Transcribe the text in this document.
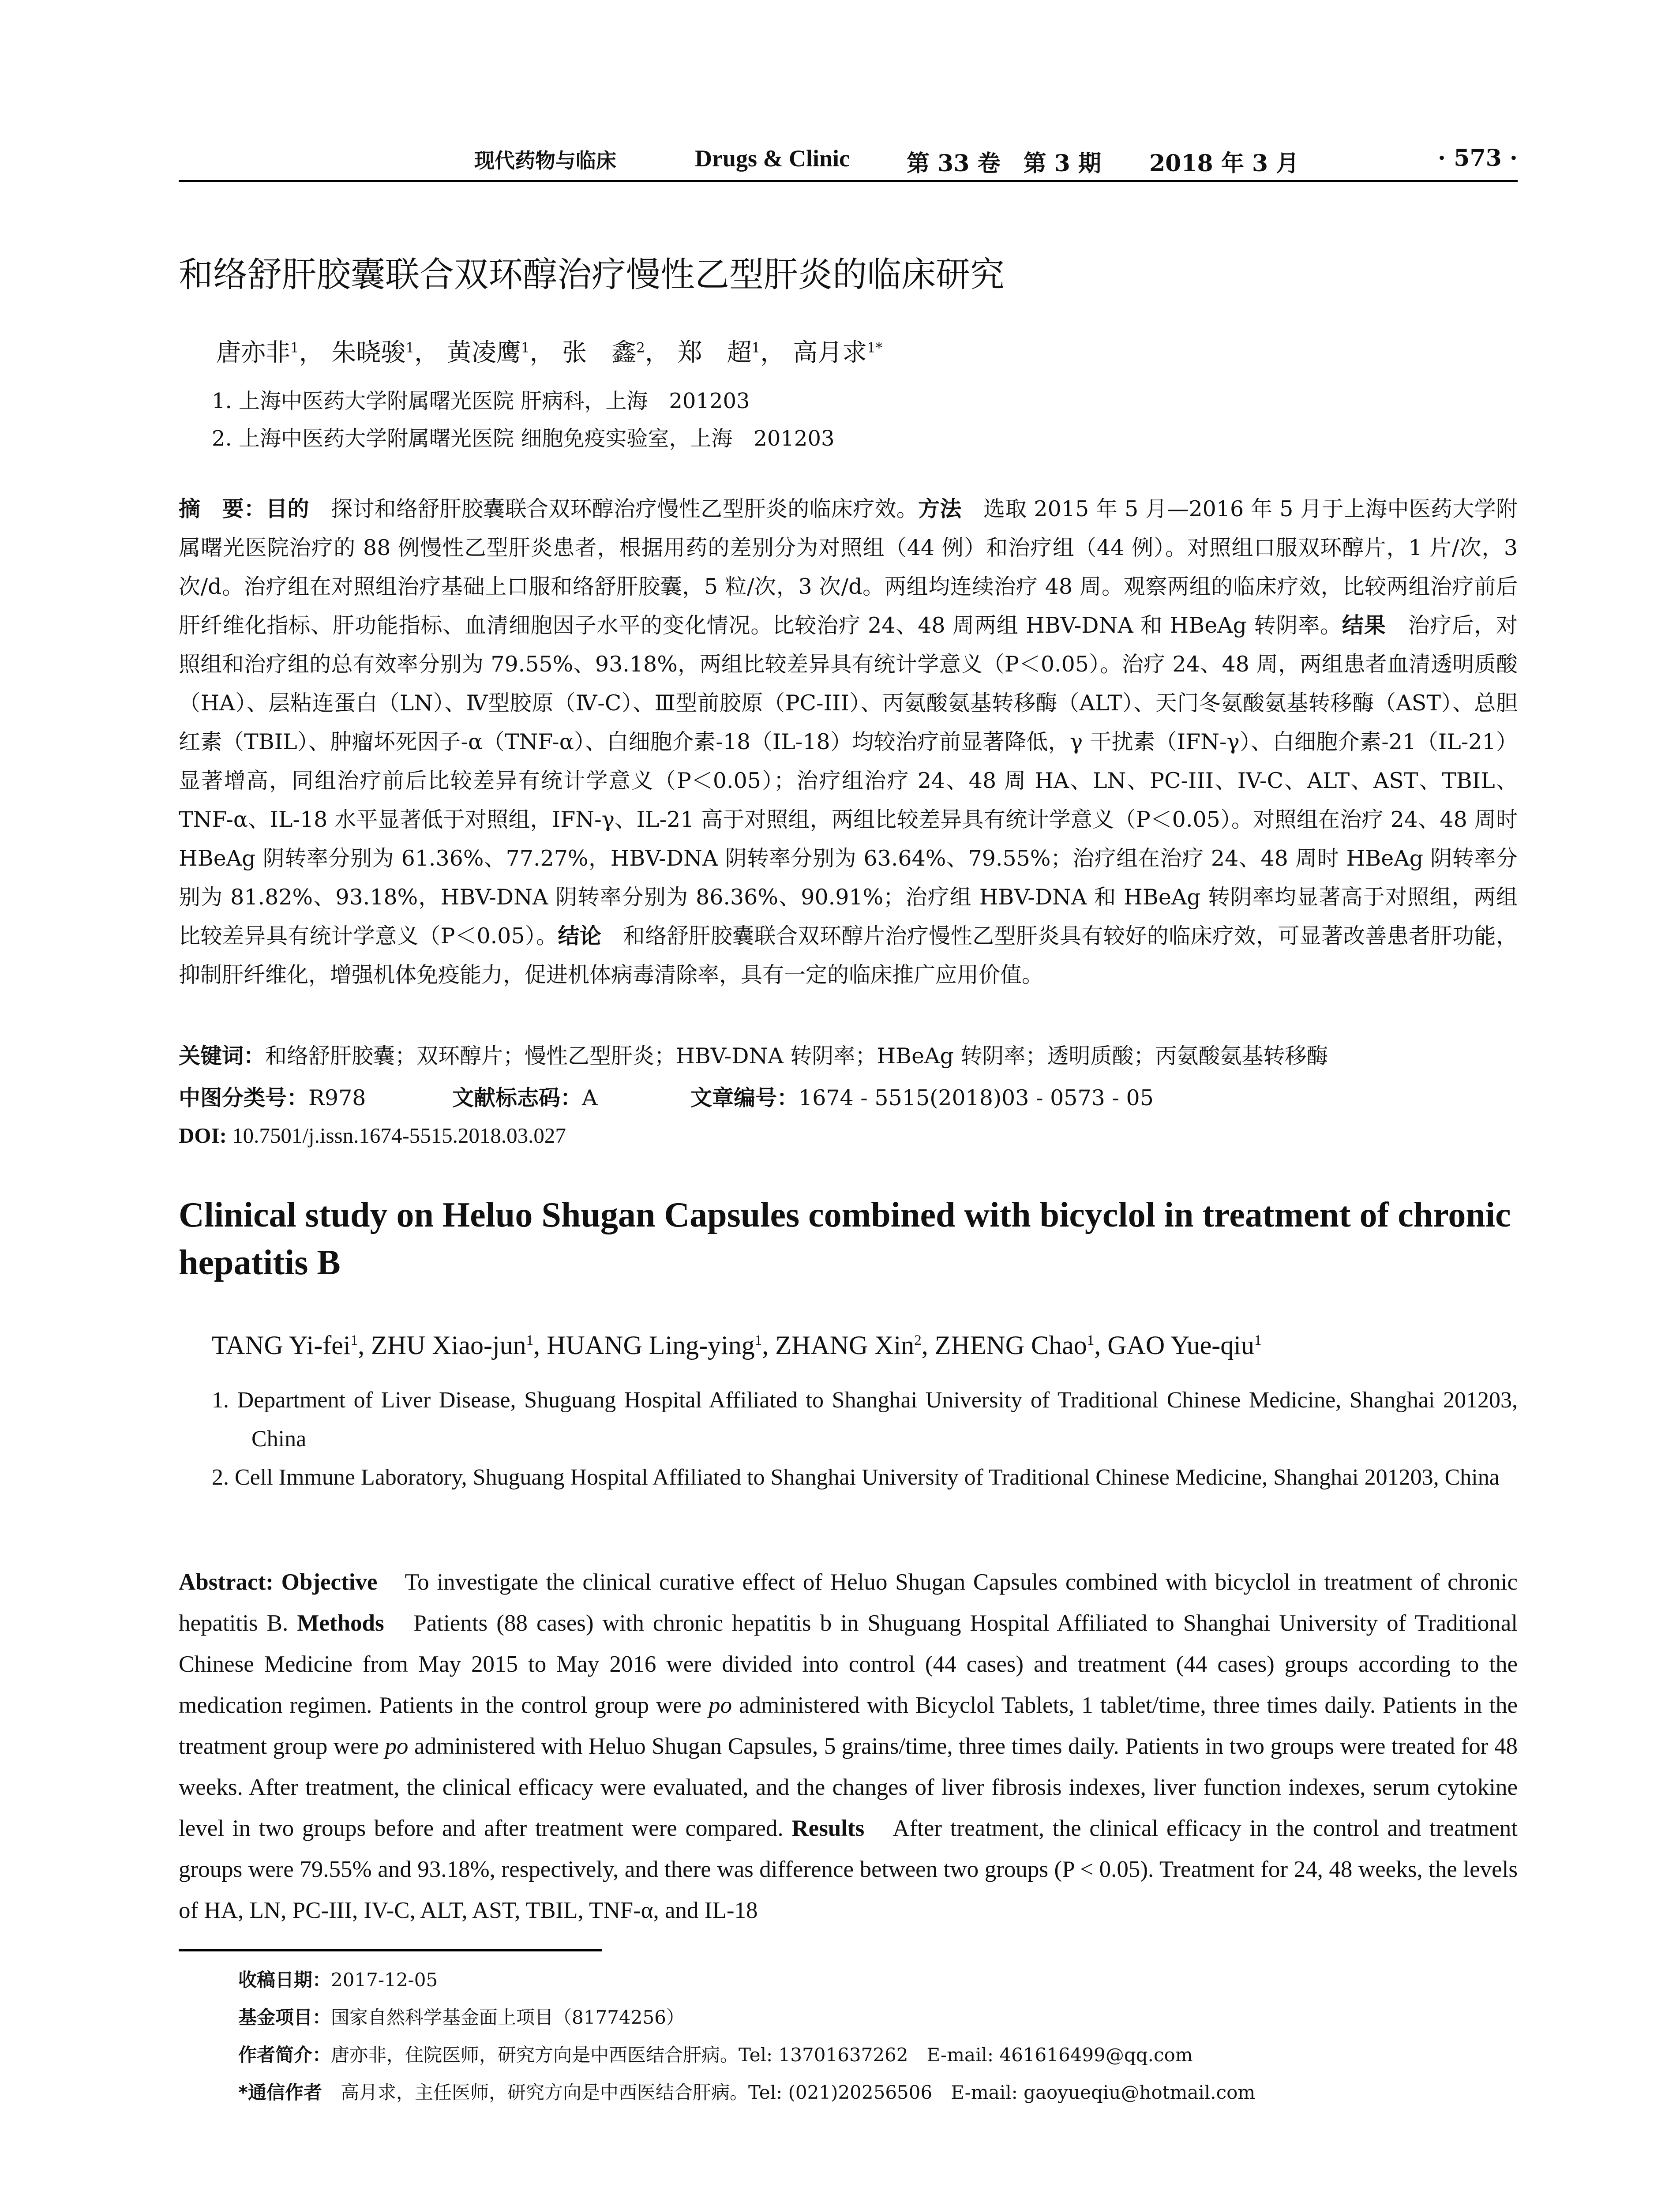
现代药物与临床	Drugs & Clinic 第 33 卷　第 3 期 2018 年 3 月	· 573 ·
和络舒肝胶囊联合双环醇治疗慢性乙型肝炎的临床研究
唐亦非$^1$， 朱晓骏$^1$， 黄凌鹰$^1$， 张　鑫$^2$， 郑　超$^1$， 高月求$^{1*}$
1. 上海中医药大学附属曙光医院 肝病科，上海　201203
2. 上海中医药大学附属曙光医院 细胞免疫实验室，上海　201203

摘　要：目的　探讨和络舒肝胶囊联合双环醇治疗慢性乙型肝炎的临床疗效。方法　选取 2015 年 5 月—2016 年 5 月于上海中医药大学附属曙光医院治疗的 88 例慢性乙型肝炎患者，根据用药的差别分为对照组（44 例）和治疗组（44 例）。对照组口服双环醇片，1 片/次，3 次/d。治疗组在对照组治疗基础上口服和络舒肝胶囊，5 粒/次，3 次/d。两组均连续治疗 48 周。观察两组的临床疗效，比较两组治疗前后肝纤维化指标、肝功能指标、血清细胞因子水平的变化情况。比较治疗 24、48 周两组 HBV-DNA 和 HBeAg 转阴率。结果　治疗后，对照组和治疗组的总有效率分别为 79.55%、93.18%，两组比较差异具有统计学意义（P＜0.05）。治疗 24、48 周，两组患者血清透明质酸（HA）、层粘连蛋白（LN）、Ⅳ型胶原（Ⅳ-C）、Ⅲ型前胶原（PC-III）、丙氨酸氨基转移酶（ALT）、天门冬氨酸氨基转移酶（AST）、总胆红素（TBIL）、肿瘤坏死因子-α（TNF-α）、白细胞介素-18（IL-18）均较治疗前显著降低，γ 干扰素（IFN-γ）、白细胞介素-21（IL-21）显著增高，同组治疗前后比较差异有统计学意义（P＜0.05）；治疗组治疗 24、48 周 HA、LN、PC-III、IV-C、ALT、AST、TBIL、TNF-α、IL-18 水平显著低于对照组，IFN-γ、IL-21 高于对照组，两组比较差异具有统计学意义（P＜0.05）。对照组在治疗 24、48 周时 HBeAg 阴转率分别为 61.36%、77.27%，HBV-DNA 阴转率分别为 63.64%、79.55%；治疗组在治疗 24、48 周时 HBeAg 阴转率分别为 81.82%、93.18%，HBV-DNA 阴转率分别为 86.36%、90.91%；治疗组 HBV-DNA 和 HBeAg 转阴率均显著高于对照组，两组比较差异具有统计学意义（P＜0.05）。结论　和络舒肝胶囊联合双环醇片治疗慢性乙型肝炎具有较好的临床疗效，可显著改善患者肝功能，抑制肝纤维化，增强机体免疫能力，促进机体病毒清除率，具有一定的临床推广应用价值。

关键词：和络舒肝胶囊；双环醇片；慢性乙型肝炎；HBV-DNA 转阴率；HBeAg 转阴率；透明质酸；丙氨酸氨基转移酶
中图分类号：R978	文献标志码：A	文章编号：1674 - 5515(2018)03 - 0573 - 05
DOI: 10.7501/j.issn.1674-5515.2018.03.027
Clinical study on Heluo Shugan Capsules combined with bicyclol in treatment of chronic hepatitis B
TANG Yi-fei$^1$, ZHU Xiao-jun$^1$, HUANG Ling-ying$^1$, ZHANG Xin$^2$, ZHENG Chao$^1$, GAO Yue-qiu$^1$
1. Department of Liver Disease, Shuguang Hospital Affiliated to Shanghai University of Traditional Chinese Medicine, Shanghai 201203, China
2. Cell Immune Laboratory, Shuguang Hospital Affiliated to Shanghai University of Traditional Chinese Medicine, Shanghai 201203, China

Abstract: Objective　To investigate the clinical curative effect of Heluo Shugan Capsules combined with bicyclol in treatment of chronic hepatitis B. Methods　Patients (88 cases) with chronic hepatitis b in Shuguang Hospital Affiliated to Shanghai University of Traditional Chinese Medicine from May 2015 to May 2016 were divided into control (44 cases) and treatment (44 cases) groups according to the medication regimen. Patients in the control group were po administered with Bicyclol Tablets, 1 tablet/time, three times daily. Patients in the treatment group were po administered with Heluo Shugan Capsules, 5 grains/time, three times daily. Patients in two groups were treated for 48 weeks. After treatment, the clinical efficacy were evaluated, and the changes of liver fibrosis indexes, liver function indexes, serum cytokine level in two groups before and after treatment were compared. Results　After treatment, the clinical efficacy in the control and treatment groups were 79.55% and 93.18%, respectively, and there was difference between two groups (P < 0.05). Treatment for 24, 48 weeks, the levels of HA, LN, PC-III, IV-C, ALT, AST, TBIL, TNF-α, and IL-18

收稿日期：2017-12-05
基金项目：国家自然科学基金面上项目（81774256）
作者简介：唐亦非，住院医师，研究方向是中西医结合肝病。Tel: 13701637262　E-mail: 461616499@qq.com
*通信作者　高月求，主任医师，研究方向是中西医结合肝病。Tel: (021)20256506　E-mail: gaoyueqiu@hotmail.com
